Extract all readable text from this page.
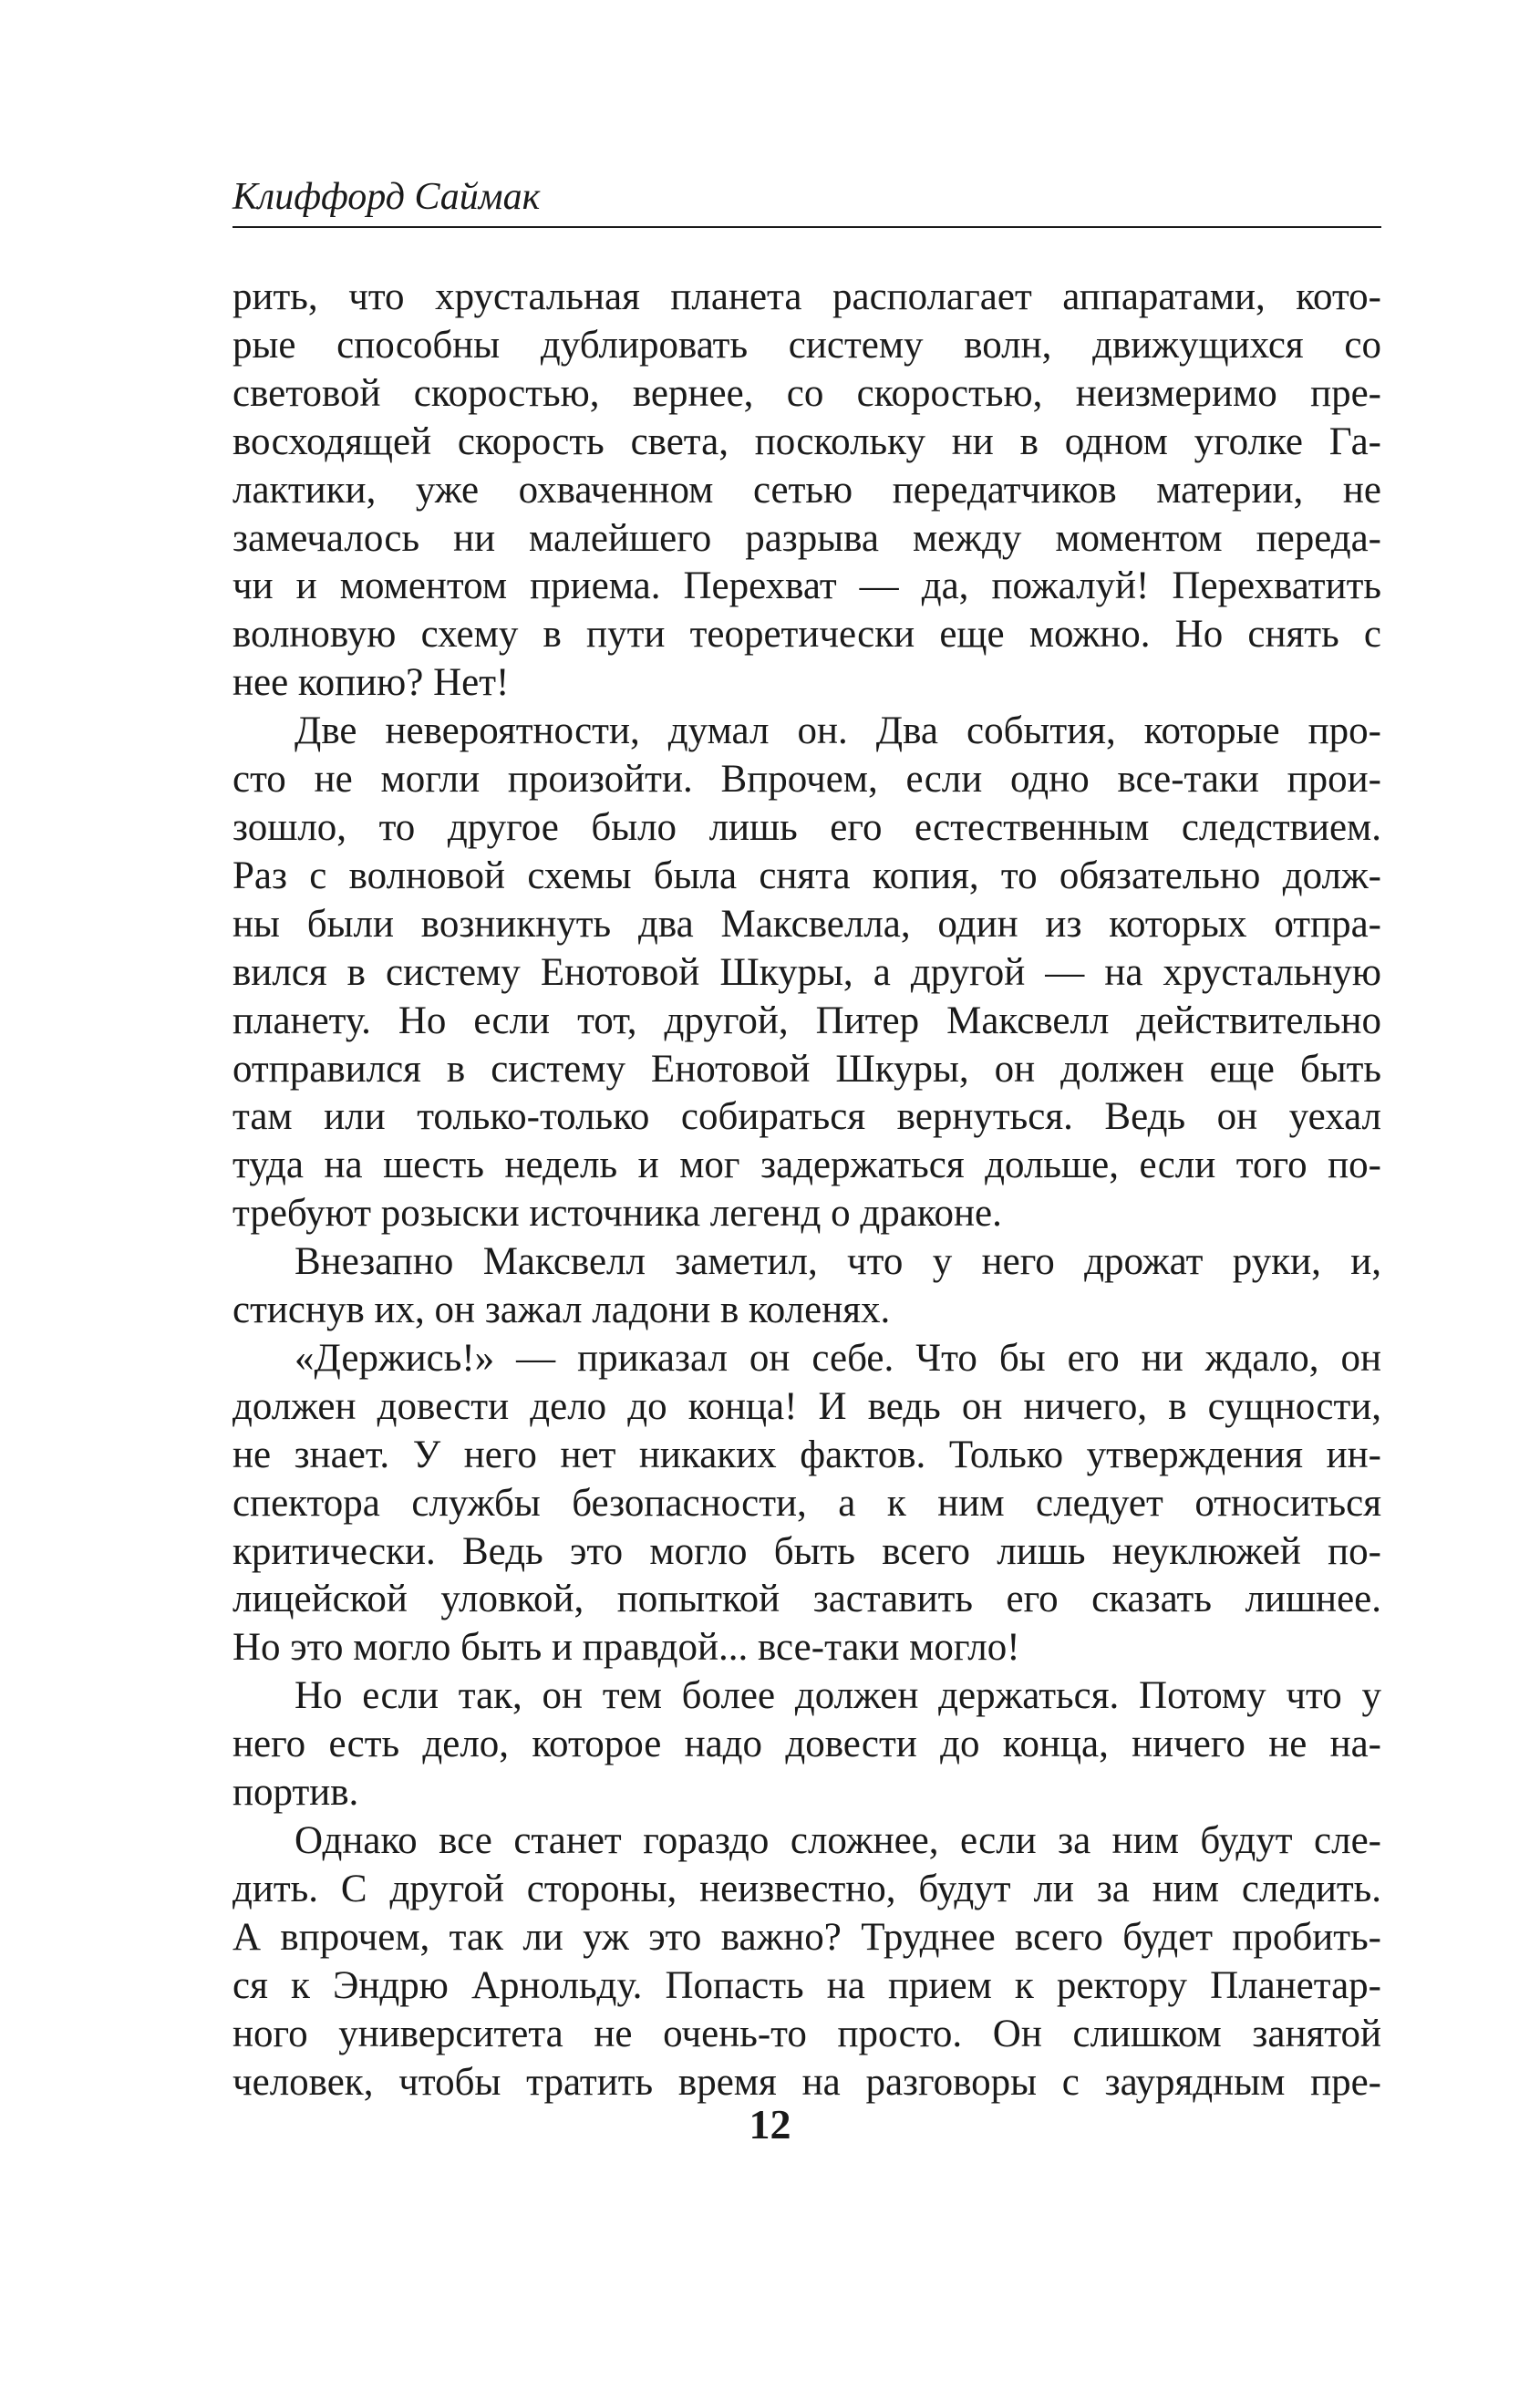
Клиффорд Саймак
рить, что хрустальная планета располагает аппаратами, кото-
рые способны дублировать систему волн, движущихся со
световой скоростью, вернее, со скоростью, неизмеримо пре-
восходящей скорость света, поскольку ни в одном уголке Га-
лактики, уже охваченном сетью передатчиков материи, не
замечалось ни малейшего разрыва между моментом переда-
чи и моментом приема. Перехват — да, пожалуй! Перехватить
волновую схему в пути теоретически еще можно. Но снять с
нее копию? Нет!
Две невероятности, думал он. Два события, которые про-
сто не могли произойти. Впрочем, если одно все-таки прои-
зошло, то другое было лишь его естественным следствием.
Раз с волновой схемы была снята копия, то обязательно долж-
ны были возникнуть два Максвелла, один из которых отпра-
вился в систему Енотовой Шкуры, а другой — на хрустальную
планету. Но если тот, другой, Питер Максвелл действительно
отправился в систему Енотовой Шкуры, он должен еще быть
там или только-только собираться вернуться. Ведь он уехал
туда на шесть недель и мог задержаться дольше, если того по-
требуют розыски источника легенд о драконе.
Внезапно Максвелл заметил, что у него дрожат руки, и,
стиснув их, он зажал ладони в коленях.
«Держись!» — приказал он себе. Что бы его ни ждало, он
должен довести дело до конца! И ведь он ничего, в сущности,
не знает. У него нет никаких фактов. Только утверждения ин-
спектора службы безопасности, а к ним следует относиться
критически. Ведь это могло быть всего лишь неуклюжей по-
лицейской уловкой, попыткой заставить его сказать лишнее.
Но это могло быть и правдой... все-таки могло!
Но если так, он тем более должен держаться. Потому что у
него есть дело, которое надо довести до конца, ничего не на-
портив.
Однако все станет гораздо сложнее, если за ним будут сле-
дить. С другой стороны, неизвестно, будут ли за ним следить.
А впрочем, так ли уж это важно? Труднее всего будет пробить-
ся к Эндрю Арнольду. Попасть на прием к ректору Планетар-
ного университета не очень-то просто. Он слишком занятой
человек, чтобы тратить время на разговоры с заурядным пре-
12
